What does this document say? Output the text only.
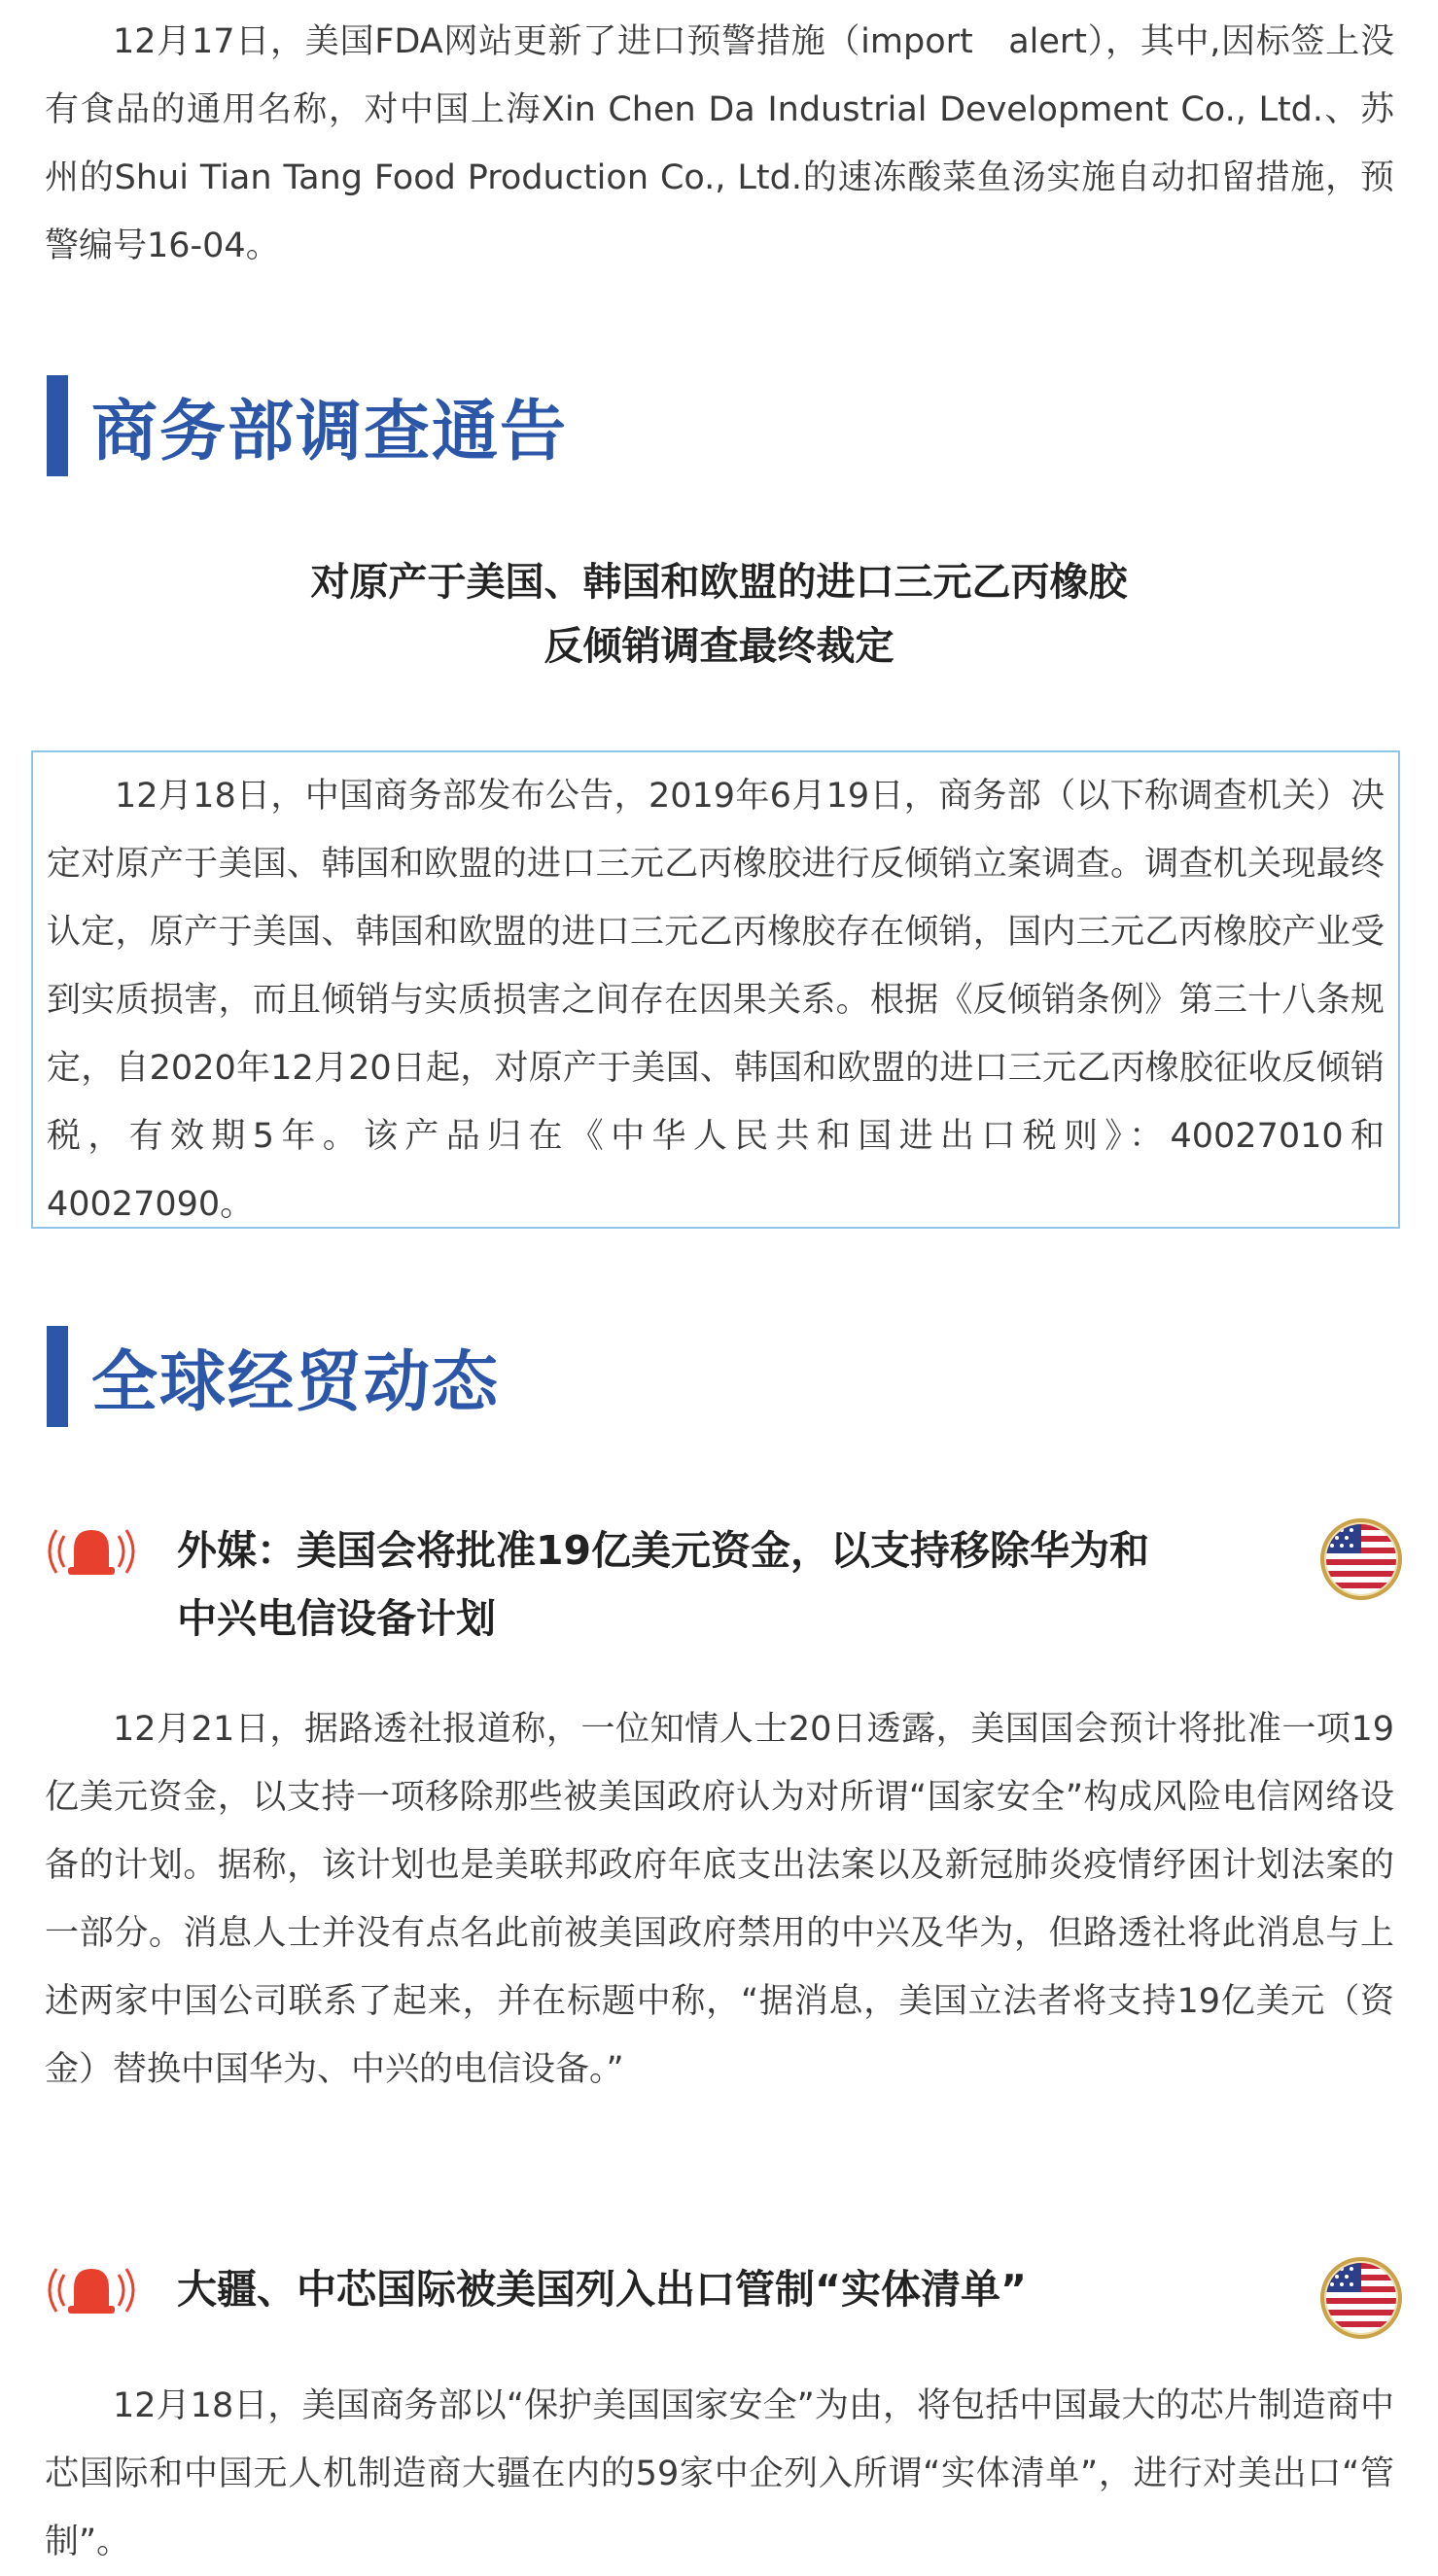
12月17日，美国FDA网站更新了进口预警措施（import　alert），其中,因标签上没有食品的通用名称，对中国上海Xin Chen Da Industrial Development Co., Ltd.、苏州的Shui Tian Tang Food Production Co., Ltd.的速冻酸菜鱼汤实施自动扣留措施，预警编号16-04。

商务部调查通告
对原产于美国、韩国和欧盟的进口三元乙丙橡胶
反倾销调查最终裁定

12月18日，中国商务部发布公告，2019年6月19日，商务部（以下称调查机关）决定对原产于美国、韩国和欧盟的进口三元乙丙橡胶进行反倾销立案调查。调查机关现最终认定，原产于美国、韩国和欧盟的进口三元乙丙橡胶存在倾销，国内三元乙丙橡胶产业受到实质损害，而且倾销与实质损害之间存在因果关系。根据《反倾销条例》第三十八条规定，自2020年12月20日起，对原产于美国、韩国和欧盟的进口三元乙丙橡胶征收反倾销税，有效期5年。该产品归在《中华人民共和国进出口税则》：40027010和40027090。

全球经贸动态
外媒：美国会将批准19亿美元资金，以支持移除华为和
中兴电信设备计划

12月21日，据路透社报道称，一位知情人士20日透露，美国国会预计将批准一项19亿美元资金，以支持一项移除那些被美国政府认为对所谓“国家安全”构成风险电信网络设备的计划。据称，该计划也是美联邦政府年底支出法案以及新冠肺炎疫情纾困计划法案的一部分。消息人士并没有点名此前被美国政府禁用的中兴及华为，但路透社将此消息与上述两家中国公司联系了起来，并在标题中称，“据消息，美国立法者将支持19亿美元（资金）替换中国华为、中兴的电信设备。”

大疆、中芯国际被美国列入出口管制“实体清单”

12月18日，美国商务部以“保护美国国家安全”为由，将包括中国最大的芯片制造商中芯国际和中国无人机制造商大疆在内的59家中企列入所谓“实体清单”，进行对美出口“管制”。
